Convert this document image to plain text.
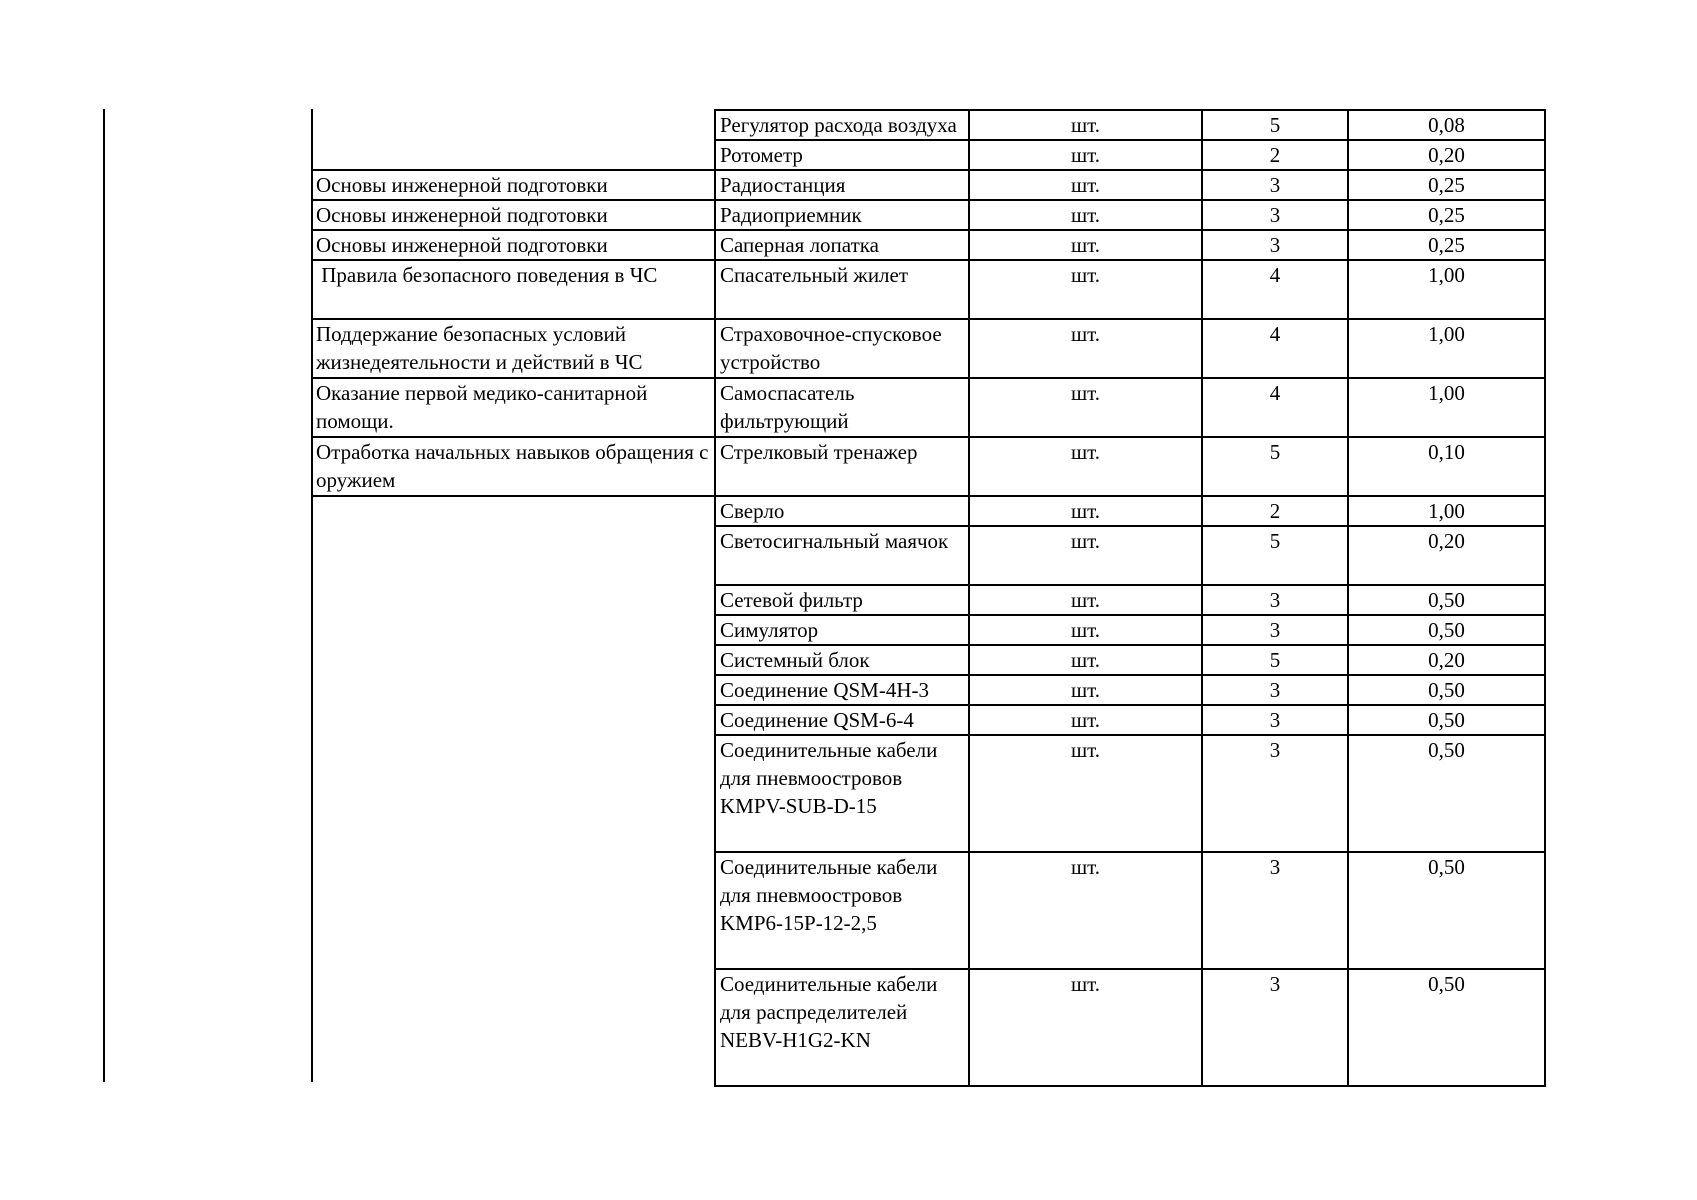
	Регулятор расхода воздуха	шт.	5	0,08
	Ротометр	шт.	2	0,20
Основы инженерной подготовки	Радиостанция	шт.	3	0,25
Основы инженерной подготовки	Радиоприемник	шт.	3	0,25
Основы инженерной подготовки	Саперная лопатка	шт.	3	0,25
Правила безопасного поведения в ЧС	Спасательный жилет	шт.	4	1,00
Поддержание безопасных условий жизнедеятельности и действий в ЧС	Страховочное-спусковое устройство	шт.	4	1,00
Оказание первой медико-санитарной помощи.	Самоспасатель фильтрующий	шт.	4	1,00
Отработка начальных навыков обращения с оружием	Стрелковый тренажер	шт.	5	0,10
	Сверло	шт.	2	1,00
	Светосигнальный маячок	шт.	5	0,20
	Сетевой фильтр	шт.	3	0,50
	Симулятор	шт.	3	0,50
	Системный блок	шт.	5	0,20
	Соединение QSM-4H-3	шт.	3	0,50
	Соединение QSM-6-4	шт.	3	0,50
	Соединительные кабели для пневмоостровов KMPV-SUB-D-15	шт.	3	0,50
	Соединительные кабели для пневмоостровов KMP6-15P-12-2,5	шт.	3	0,50
	Соединительные кабели для распределителей NEBV-H1G2-KN	шт.	3	0,50
